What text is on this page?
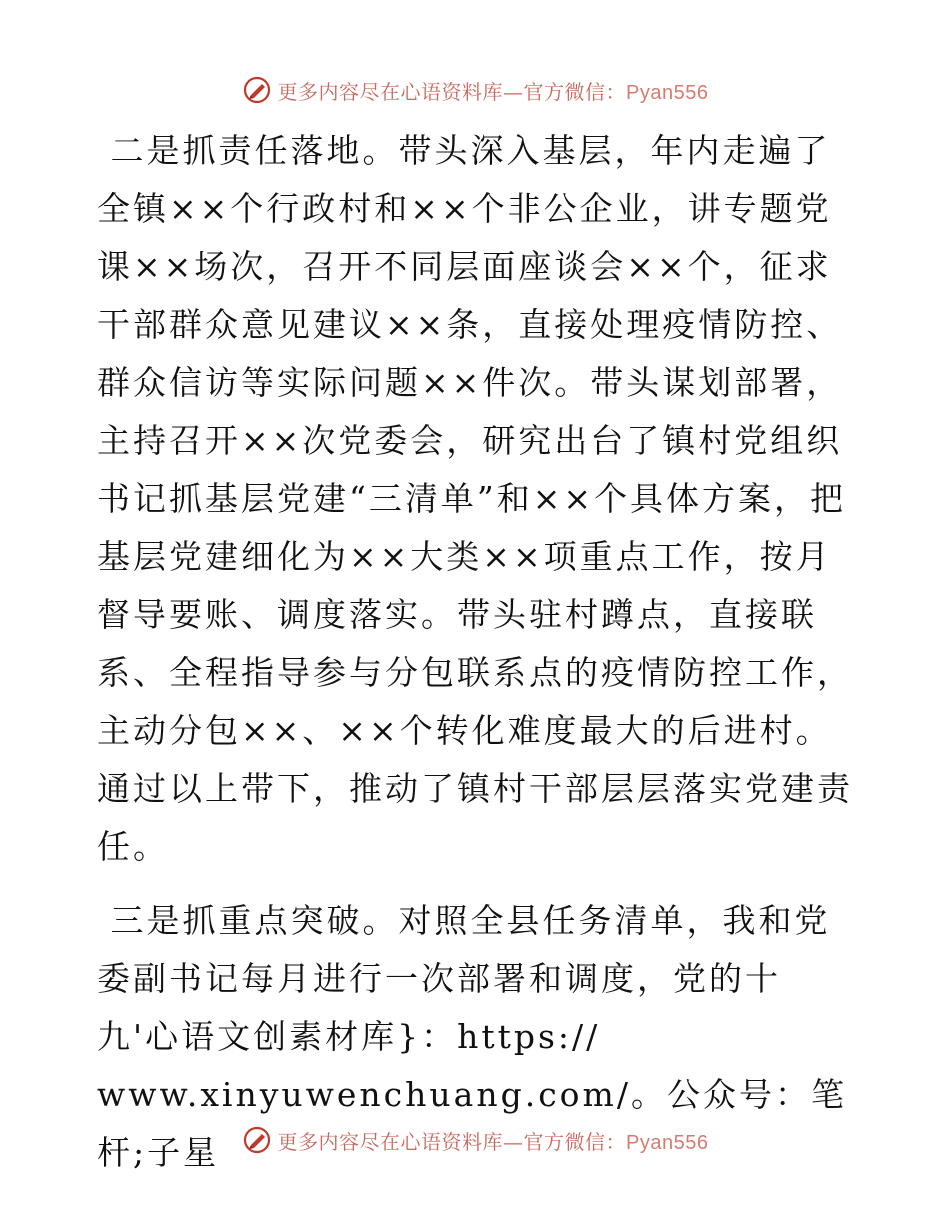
更多内容尽在心语资料库—官方微信：Pyan556

二是抓责任落地。带头深入基层，年内走遍了全镇××个行政村和××个非公企业，讲专题党课××场次，召开不同层面座谈会××个，征求干部群众意见建议××条，直接处理疫情防控、群众信访等实际问题××件次。带头谋划部署，主持召开××次党委会，研究出台了镇村党组织书记抓基层党建“三清单”和××个具体方案，把基层党建细化为××大类××项重点工作，按月督导要账、调度落实。带头驻村蹲点，直接联系、全程指导参与分包联系点的疫情防控工作，主动分包××、××个转化难度最大的后进村。通过以上带下，推动了镇村干部层层落实党建责任。

三是抓重点突破。对照全县任务清单，我和党委副书记每月进行一次部署和调度，党的十九'心语文创素材库}：https://

www.xinyuwenchuang.com/。公众号：笔杆;子星	更多内容尽在心语资料库—官方微信：Pyan556
